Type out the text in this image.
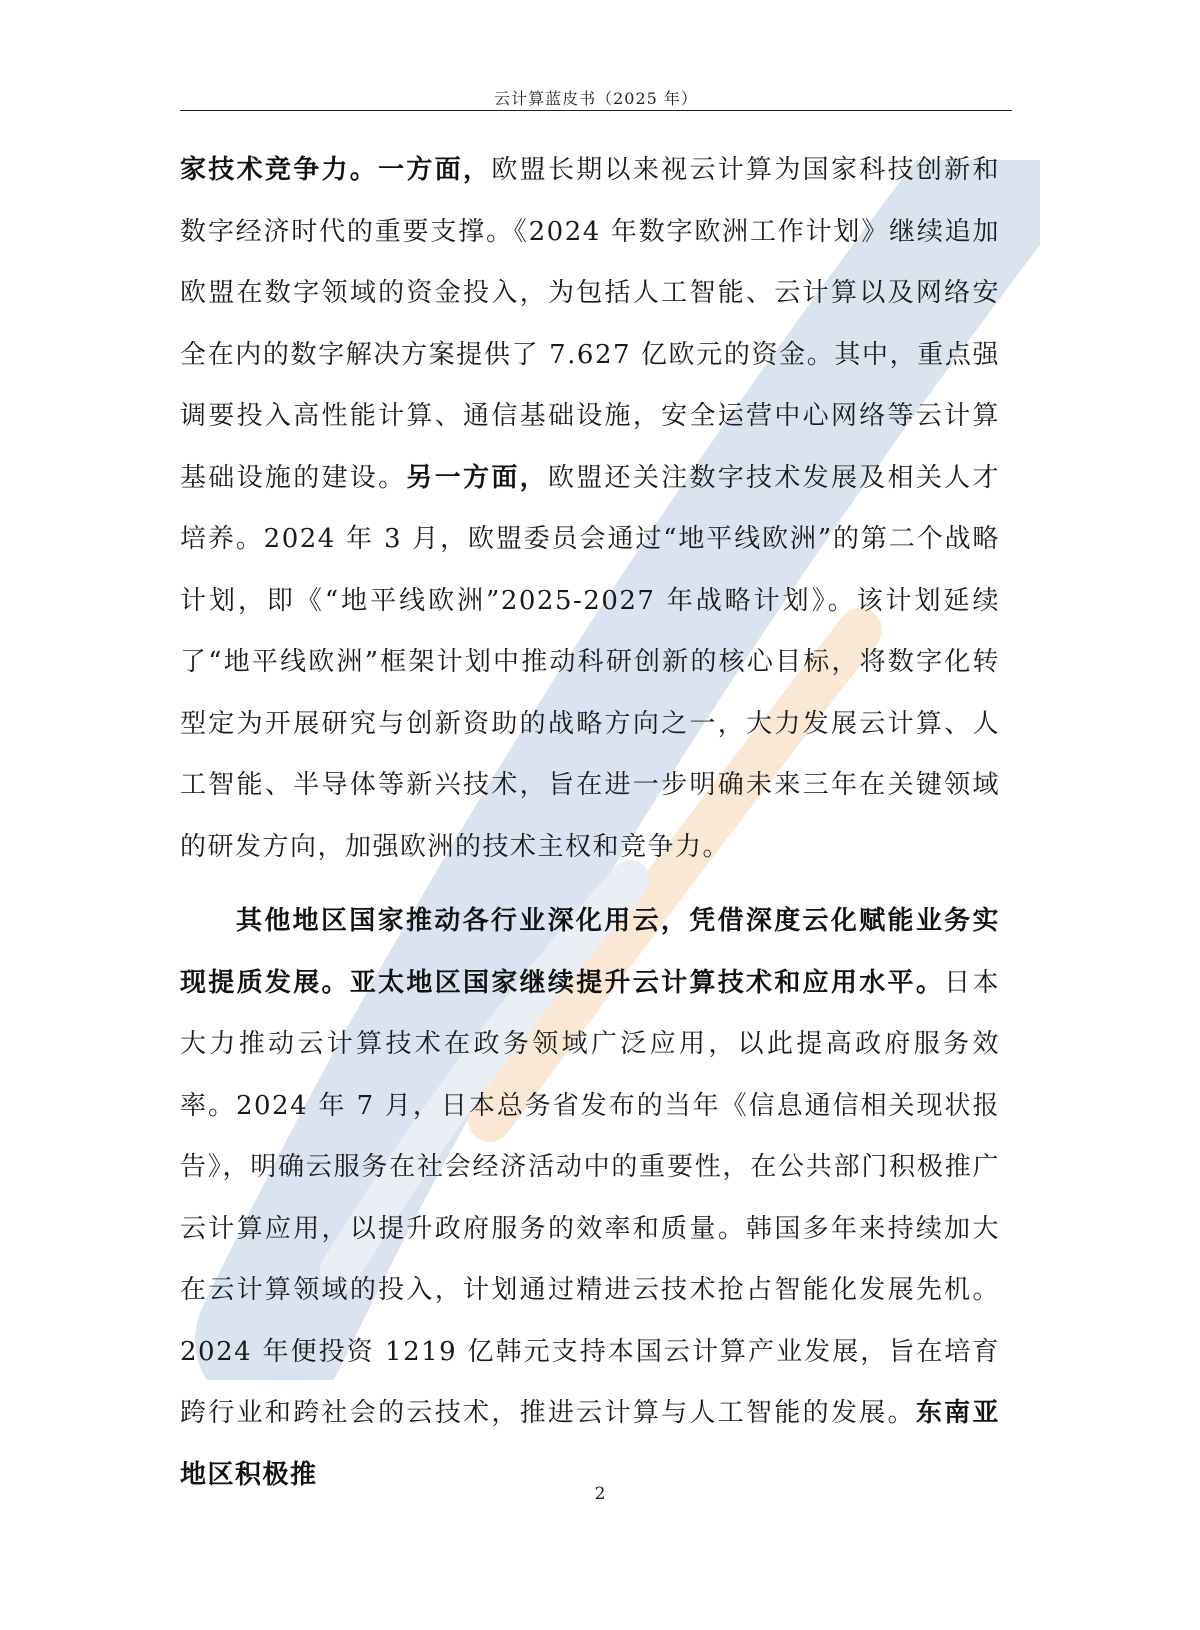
云计算蓝皮书（2025 年）

家技术竞争力。一方面，欧盟长期以来视云计算为国家科技创新和数字经济时代的重要支撑。《2024 年数字欧洲工作计划》继续追加欧盟在数字领域的资金投入，为包括人工智能、云计算以及网络安全在内的数字解决方案提供了 7.627 亿欧元的资金。其中，重点强调要投入高性能计算、通信基础设施，安全运营中心网络等云计算基础设施的建设。另一方面，欧盟还关注数字技术发展及相关人才培养。2024 年 3 月，欧盟委员会通过“地平线欧洲”的第二个战略计划，即《“地平线欧洲”2025-2027 年战略计划》。该计划延续了“地平线欧洲”框架计划中推动科研创新的核心目标，将数字化转型定为开展研究与创新资助的战略方向之一，大力发展云计算、人工智能、半导体等新兴技术，旨在进一步明确未来三年在关键领域的研发方向，加强欧洲的技术主权和竞争力。

其他地区国家推动各行业深化用云，凭借深度云化赋能业务实现提质发展。亚太地区国家继续提升云计算技术和应用水平。日本大力推动云计算技术在政务领域广泛应用，以此提高政府服务效率。2024 年 7 月，日本总务省发布的当年《信息通信相关现状报告》，明确云服务在社会经济活动中的重要性，在公共部门积极推广云计算应用，以提升政府服务的效率和质量。韩国多年来持续加大在云计算领域的投入，计划通过精进云技术抢占智能化发展先机。2024 年便投资 1219 亿韩元支持本国云计算产业发展，旨在培育跨行业和跨社会的云技术，推进云计算与人工智能的发展。东南亚地区积极推

2
